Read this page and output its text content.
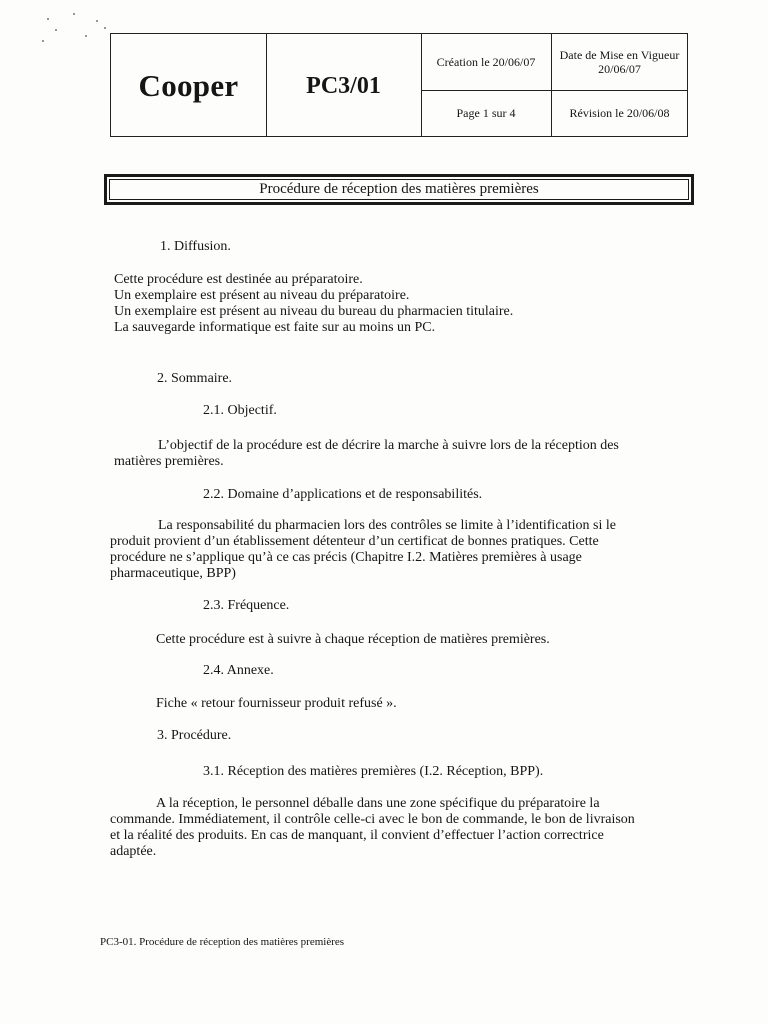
Cooper	PC3/01
Création le 20/06/07	Date de Mise en Vigueur
20/06/07
Page 1 sur 4	Révision le 20/06/08
Procédure de réception des matières premières
1. Diffusion.
Cette procédure est destinée au préparatoire.
Un exemplaire est présent au niveau du préparatoire.
Un exemplaire est présent au niveau du bureau du pharmacien titulaire.
La sauvegarde informatique est faite sur au moins un PC.
2. Sommaire.
2.1. Objectif.
L’objectif de la procédure est de décrire la marche à suivre lors de la réception des
matières premières.
2.2. Domaine d’applications et de responsabilités.
La responsabilité du pharmacien lors des contrôles se limite à l’identification si le
produit provient d’un établissement détenteur d’un certificat de bonnes pratiques. Cette
procédure ne s’applique qu’à ce cas précis (Chapitre I.2. Matières premières à usage
pharmaceutique, BPP)
2.3. Fréquence.
Cette procédure est à suivre à chaque réception de matières premières.
2.4. Annexe.
Fiche « retour fournisseur produit refusé ».
3. Procédure.
3.1. Réception des matières premières (I.2. Réception, BPP).
A la réception, le personnel déballe dans une zone spécifique du préparatoire la
commande. Immédiatement, il contrôle celle-ci avec le bon de commande, le bon de livraison
et la réalité des produits. En cas de manquant, il convient d’effectuer l’action correctrice
adaptée.
PC3-01. Procédure de réception des matières premières
